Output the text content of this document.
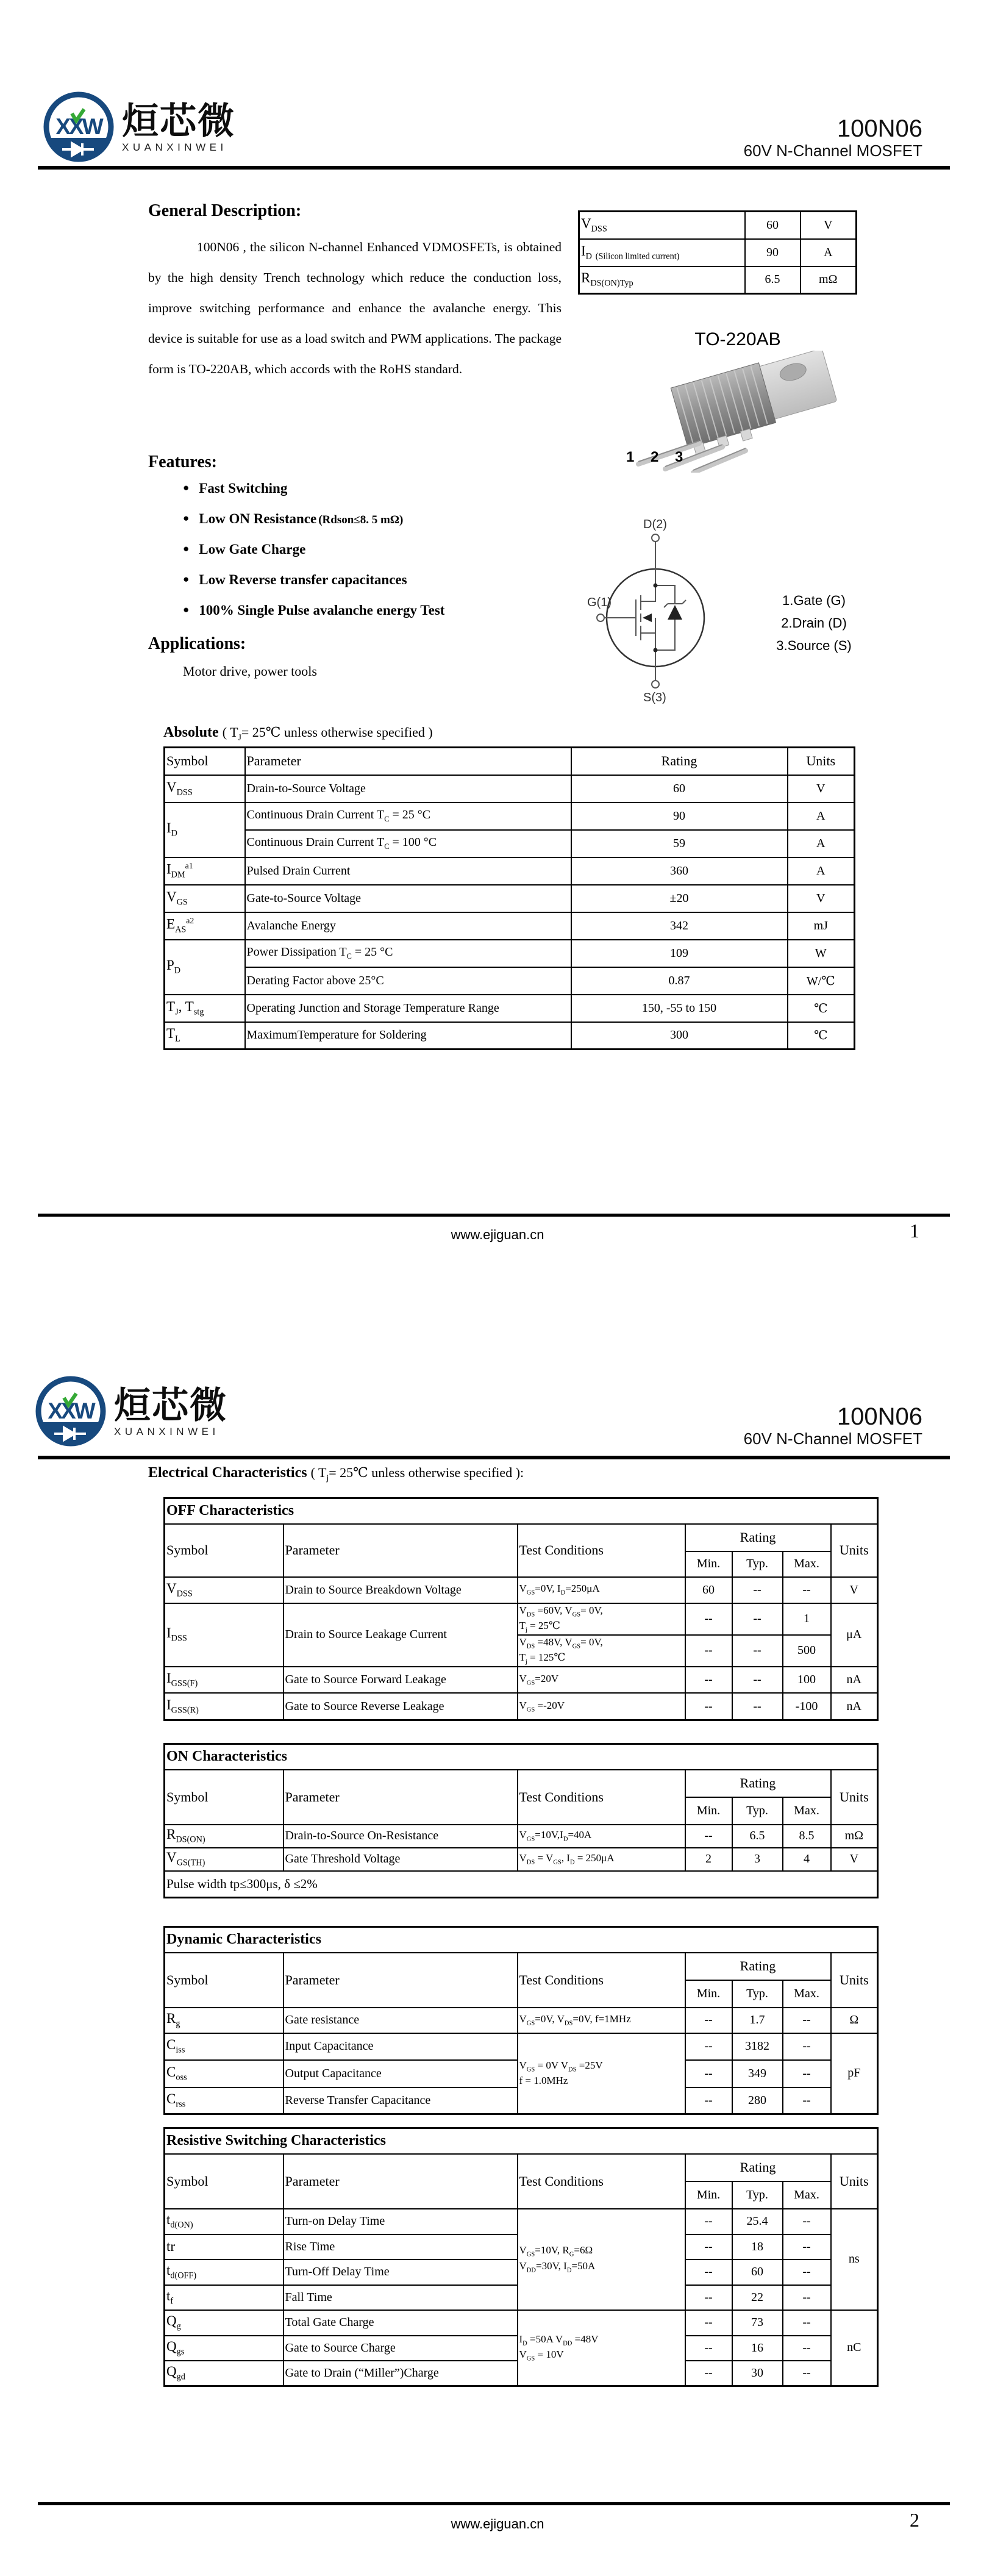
XXW 烜芯微
XUANXINWEI
100N06
60V N-Channel MOSFET
General Description:
100N06 , the silicon N-channel Enhanced VDMOSFETs, is obtained by the high density Trench technology which reduce the conduction loss, improve switching performance and enhance the avalanche energy. This device is suitable for use as a load switch and PWM applications. The package form is TO-220AB, which accords with the RoHS standard.
$V_{DSS}$	60	V
$I_D$ $_{(Silicon limited current)}$	90	A
$R_{DS(ON)Typ}$	6.5	mΩ
TO-220AB
1 2 3
D(2)
G(1)
S(3)
1.Gate (G)
2.Drain (D)
3.Source (S)
Features:
● Fast Switching
● Low ON Resistance (Rdson≤8. 5 mΩ)
● Low Gate Charge
● Low Reverse transfer capacitances
● 100% Single Pulse avalanche energy Test
Applications:
Motor drive, power tools
Absolute ( $T_J=$ 25℃ unless otherwise specified )
Symbol	Parameter	Rating	Units
$V_{DSS}$	Drain-to-Source Voltage	60	V
$I_D$	Continuous Drain Current $T_C = 25$ °C	90	A
	Continuous Drain Current $T_C = 100$ °C	59	A
$I_{DM}^{a1}$	Pulsed Drain Current	360	A
$V_{GS}$	Gate-to-Source Voltage	±20	V
$E_{AS}^{a2}$	Avalanche Energy	342	mJ
$P_D$	Power Dissipation $T_C = 25$ °C	109	W
	Derating Factor above 25°C	0.87	W/℃
$T_J$, $T_{stg}$	Operating Junction and Storage Temperature Range	150, -55 to 150	℃
$T_L$	MaximumTemperature for Soldering	300	℃
www.ejiguan.cn	1
XXW 烜芯微
XUANXINWEI
100N06
60V N-Channel MOSFET
Electrical Characteristics ( $T_j=$ 25℃ unless otherwise specified ):
OFF Characteristics						
Symbol	Parameter	Test Conditions	Rating			Units
			Min.	Typ.	Max.	
$V_{DSS}$	Drain to Source Breakdown Voltage	$V_{GS}=0V$, $I_D=250\mu A$	60	--	--	V
$I_{DSS}$	Drain to Source Leakage Current	$V_{DS} =60V$, $V_{GS}= 0V$,
$T_j$ = 25℃	--	--	1	μA
		$V_{DS} =48V$, $V_{GS}= 0V$,
$T_j$ = 125℃	--	--	500	
$I_{GSS(F)}$	Gate to Source Forward Leakage	$V_{GS}=20V$	--	--	100	nA
$I_{GSS(R)}$	Gate to Source Reverse Leakage	$V_{GS} =-20V$	--	--	-100	nA
ON Characteristics						
Symbol	Parameter	Test Conditions	Rating			Units
			Min.	Typ.	Max.	
$R_{DS(ON)}$	Drain-to-Source On-Resistance	$V_{GS}=10V,I_D=40A$	--	6.5	8.5	mΩ
$V_{GS(TH)}$	Gate Threshold Voltage	$V_{DS} = V_{GS}$, $I_D = 250\mu A$	2	3	4	V
Pulse width tp≤300μs, δ ≤2%						
Dynamic Characteristics						
Symbol	Parameter	Test Conditions	Rating			Units
			Min.	Typ.	Max.	
$R_g$	Gate resistance	$V_{GS}=0V$, $V_{DS}=0V$, f=1MHz	--	1.7	--	Ω
$C_{iss}$	Input Capacitance	$V_{GS} = 0V$ $V_{DS} =25V$
f = 1.0MHz	--	3182	--	pF
$C_{oss}$	Output Capacitance		--	349	--	
$C_{rss}$	Reverse Transfer Capacitance		--	280	--	
Resistive Switching Characteristics						
Symbol	Parameter	Test Conditions	Rating			Units
			Min.	Typ.	Max.	
$t_{d(ON)}$	Turn-on Delay Time	$V_{GS}=10V$, $R_G=6\Omega$
$V_{DD}=30V$, $I_D=50A$	--	25.4	--	ns
tr	Rise Time		--	18	--	
$t_{d(OFF)}$	Turn-Off Delay Time		--	60	--	
$t_f$	Fall Time		--	22	--	
$Q_g$	Total Gate Charge	$I_D =50A$ $V_{DD} =48V$
$V_{GS} = 10V$	--	73	--	nC
$Q_{gs}$	Gate to Source Charge		--	16	--	
$Q_{gd}$	Gate to Drain (“Miller”)Charge		--	30	--	
www.ejiguan.cn	2
